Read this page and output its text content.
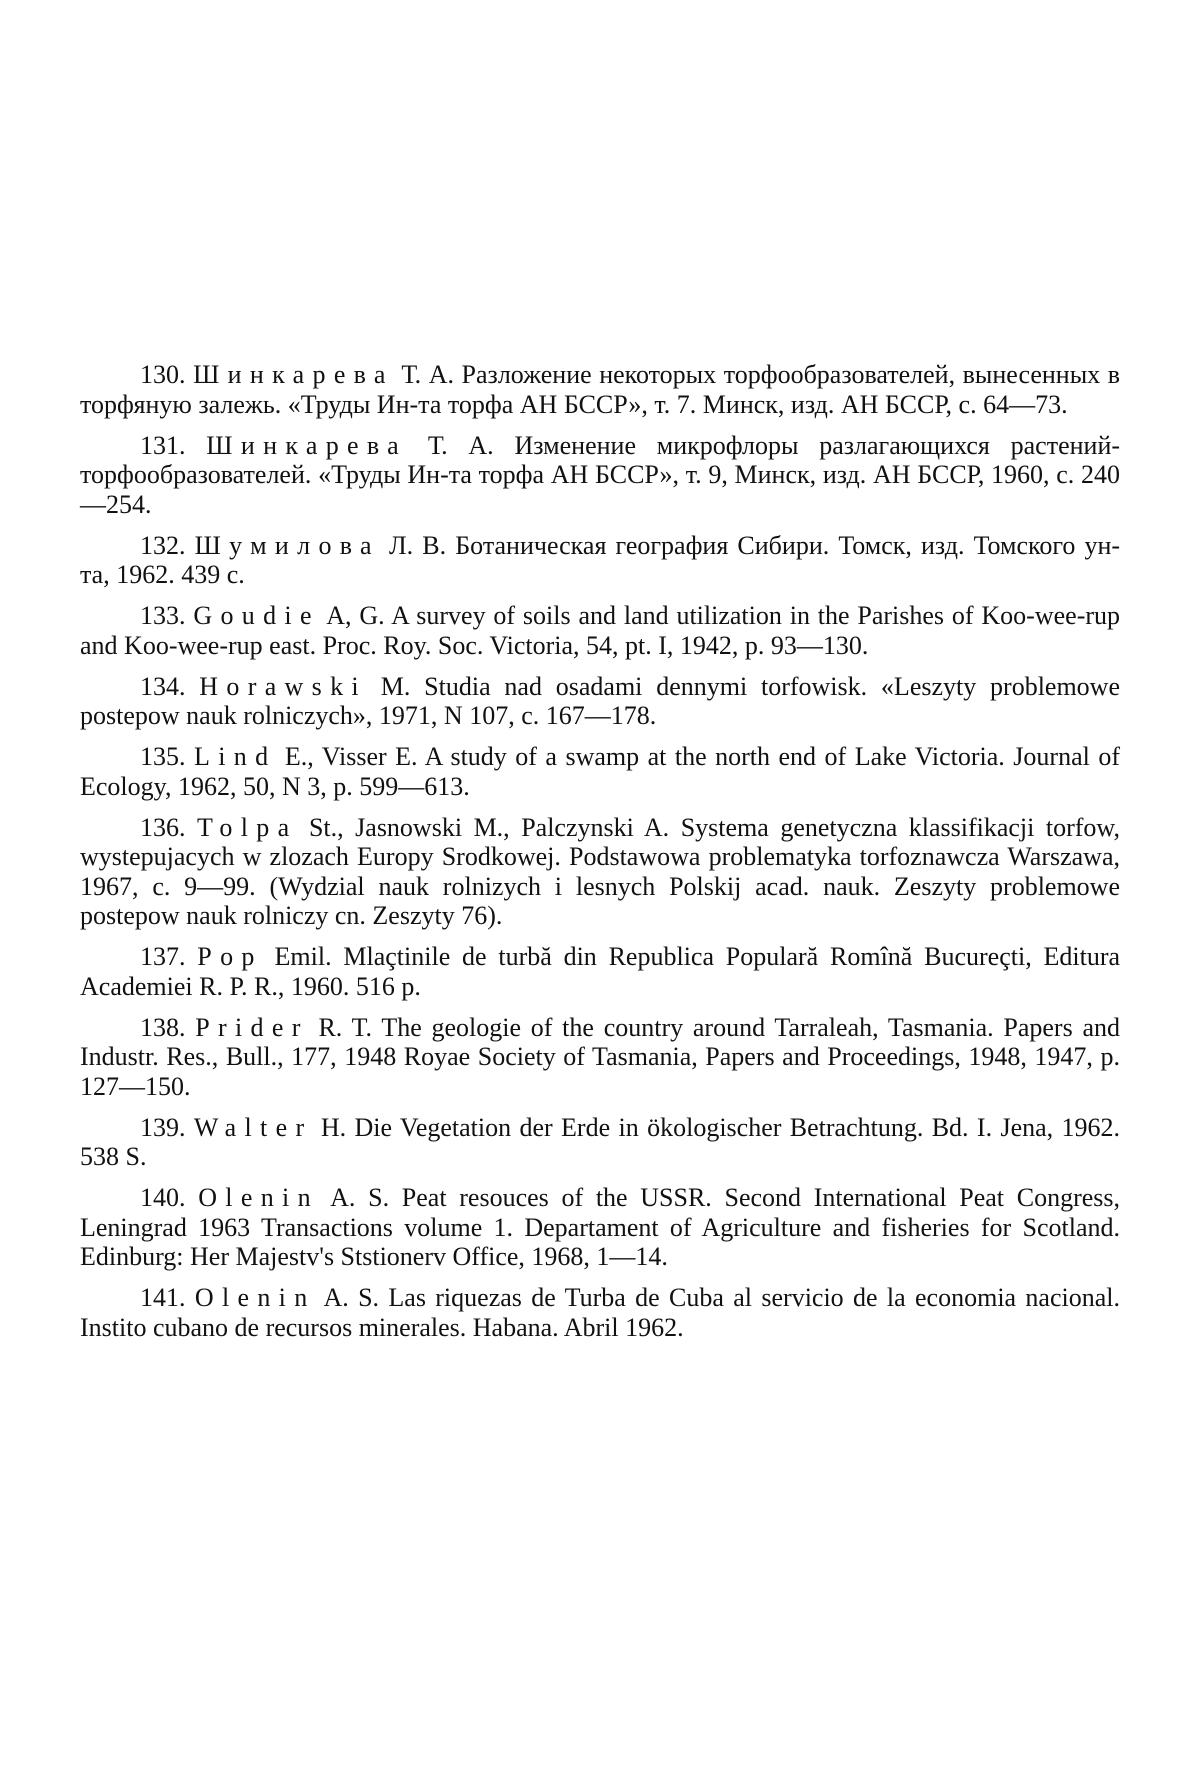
130. Шинкарева Т. А. Разложение некоторых торфообразователей, вынесенных в торфяную залежь. «Труды Ин-та торфа АН БССР», т. 7. Минск, изд. АН БССР, с. 64—73.

131. Шинкарева Т. А. Изменение микрофлоры разлагающихся растений-торфообразователей. «Труды Ин-та торфа АН БССР», т. 9, Минск, изд. АН БССР, 1960, с. 240—254.

132. Шумилова Л. В. Ботаническая география Сибири. Томск, изд. Томского ун-та, 1962. 439 с.

133. Goudie A, G. A survey of soils and land utilization in the Parishes of Koo-wee-rup and Koo-wee-rup east. Proc. Roy. Soc. Victoria, 54, pt. I, 1942, p. 93—130.

134. Horawski M. Studia nad osadami dennymi torfowisk. «Leszyty problemowe postepow nauk rolniczych», 1971, N 107, c. 167—178.

135. Lind E., Visser E. A study of a swamp at the north end of Lake Victoria. Journal of Ecology, 1962, 50, N 3, p. 599—613.

136. Tolpa St., Jasnowski M., Palczynski A. Systema genetyczna klassifikacji torfow, wystepujacych w zlozach Europy Srodkowej. Podstawowa problematyka torfoznawcza Warszawa, 1967, c. 9—99. (Wydzial nauk rolnizych i lesnych Polskij acad. nauk. Zeszyty problemowe postepow nauk rolniczy cn. Zeszyty 76).

137. Pop Emil. Mlaçtinile de turbă din Republica Populară Romînă Bucureçti, Editura Academiei R. P. R., 1960. 516 p.

138. Prider R. T. The geologie of the country around Tarraleah, Tasmania. Papers and Industr. Res., Bull., 177, 1948 Royae Society of Tasmania, Papers and Proceedings, 1948, 1947, p. 127—150.

139. Walter H. Die Vegetation der Erde in ökologischer Betrachtung. Bd. I. Jena, 1962. 538 S.

140. Olenin A. S. Peat resouces of the USSR. Second International Peat Congress, Leningrad 1963 Transactions volume 1. Departament of Agriculture and fisheries for Scotland. Edinburg: Her Majestv's Ststionerv Office, 1968, 1—14.

141. Olenin A. S. Las riquezas de Turba de Cuba al servicio de la economia nacional. Instito cubano de recursos minerales. Habana. Abril 1962.
